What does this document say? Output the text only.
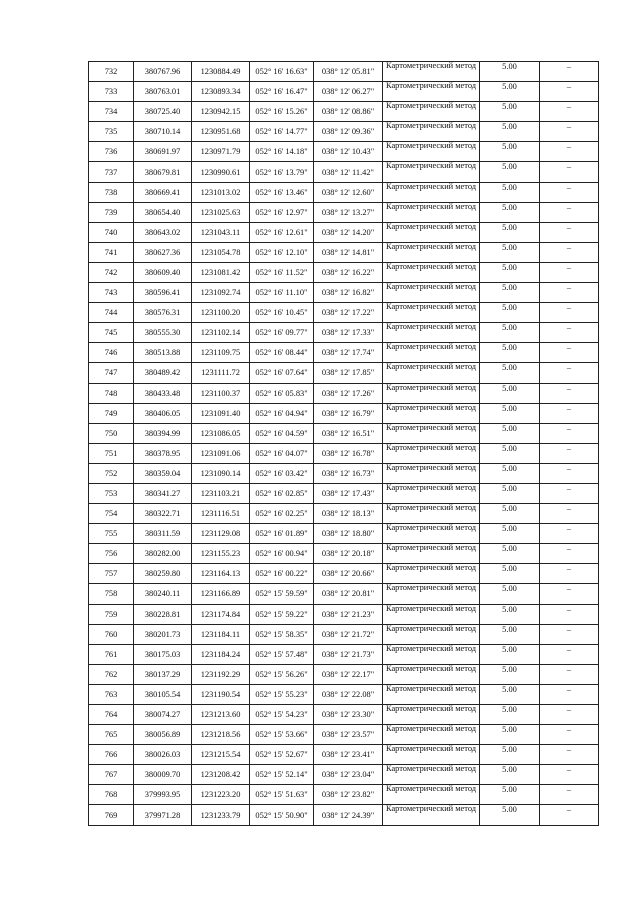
732	380767.96	1230884.49	052° 16' 16.63"	038° 12' 05.81"	Картометрический метод	5.00	–
733	380763.01	1230893.34	052° 16' 16.47"	038° 12' 06.27"	Картометрический метод	5.00	–
734	380725.40	1230942.15	052° 16' 15.26"	038° 12' 08.86"	Картометрический метод	5.00	–
735	380710.14	1230951.68	052° 16' 14.77"	038° 12' 09.36"	Картометрический метод	5.00	–
736	380691.97	1230971.79	052° 16' 14.18"	038° 12' 10.43"	Картометрический метод	5.00	–
737	380679.81	1230990.61	052° 16' 13.79"	038° 12' 11.42"	Картометрический метод	5.00	–
738	380669.41	1231013.02	052° 16' 13.46"	038° 12' 12.60"	Картометрический метод	5.00	–
739	380654.40	1231025.63	052° 16' 12.97"	038° 12' 13.27"	Картометрический метод	5.00	–
740	380643.02	1231043.11	052° 16' 12.61"	038° 12' 14.20"	Картометрический метод	5.00	–
741	380627.36	1231054.78	052° 16' 12.10"	038° 12' 14.81"	Картометрический метод	5.00	–
742	380609.40	1231081.42	052° 16' 11.52"	038° 12' 16.22"	Картометрический метод	5.00	–
743	380596.41	1231092.74	052° 16' 11.10"	038° 12' 16.82"	Картометрический метод	5.00	–
744	380576.31	1231100.20	052° 16' 10.45"	038° 12' 17.22"	Картометрический метод	5.00	–
745	380555.30	1231102.14	052° 16' 09.77"	038° 12' 17.33"	Картометрический метод	5.00	–
746	380513.88	1231109.75	052° 16' 08.44"	038° 12' 17.74"	Картометрический метод	5.00	–
747	380489.42	1231111.72	052° 16' 07.64"	038° 12' 17.85"	Картометрический метод	5.00	–
748	380433.48	1231100.37	052° 16' 05.83"	038° 12' 17.26"	Картометрический метод	5.00	–
749	380406.05	1231091.40	052° 16' 04.94"	038° 12' 16.79"	Картометрический метод	5.00	–
750	380394.99	1231086.05	052° 16' 04.59"	038° 12' 16.51"	Картометрический метод	5.00	–
751	380378.95	1231091.06	052° 16' 04.07"	038° 12' 16.78"	Картометрический метод	5.00	–
752	380359.04	1231090.14	052° 16' 03.42"	038° 12' 16.73"	Картометрический метод	5.00	–
753	380341.27	1231103.21	052° 16' 02.85"	038° 12' 17.43"	Картометрический метод	5.00	–
754	380322.71	1231116.51	052° 16' 02.25"	038° 12' 18.13"	Картометрический метод	5.00	–
755	380311.59	1231129.08	052° 16' 01.89"	038° 12' 18.80"	Картометрический метод	5.00	–
756	380282.00	1231155.23	052° 16' 00.94"	038° 12' 20.18"	Картометрический метод	5.00	–
757	380259.80	1231164.13	052° 16' 00.22"	038° 12' 20.66"	Картометрический метод	5.00	–
758	380240.11	1231166.89	052° 15' 59.59"	038° 12' 20.81"	Картометрический метод	5.00	–
759	380228.81	1231174.84	052° 15' 59.22"	038° 12' 21.23"	Картометрический метод	5.00	–
760	380201.73	1231184.11	052° 15' 58.35"	038° 12' 21.72"	Картометрический метод	5.00	–
761	380175.03	1231184.24	052° 15' 57.48"	038° 12' 21.73"	Картометрический метод	5.00	–
762	380137.29	1231192.29	052° 15' 56.26"	038° 12' 22.17"	Картометрический метод	5.00	–
763	380105.54	1231190.54	052° 15' 55.23"	038° 12' 22.08"	Картометрический метод	5.00	–
764	380074.27	1231213.60	052° 15' 54.23"	038° 12' 23.30"	Картометрический метод	5.00	–
765	380056.89	1231218.56	052° 15' 53.66"	038° 12' 23.57"	Картометрический метод	5.00	–
766	380026.03	1231215.54	052° 15' 52.67"	038° 12' 23.41"	Картометрический метод	5.00	–
767	380009.70	1231208.42	052° 15' 52.14"	038° 12' 23.04"	Картометрический метод	5.00	–
768	379993.95	1231223.20	052° 15' 51.63"	038° 12' 23.82"	Картометрический метод	5.00	–
769	379971.28	1231233.79	052° 15' 50.90"	038° 12' 24.39"	Картометрический метод	5.00	–
